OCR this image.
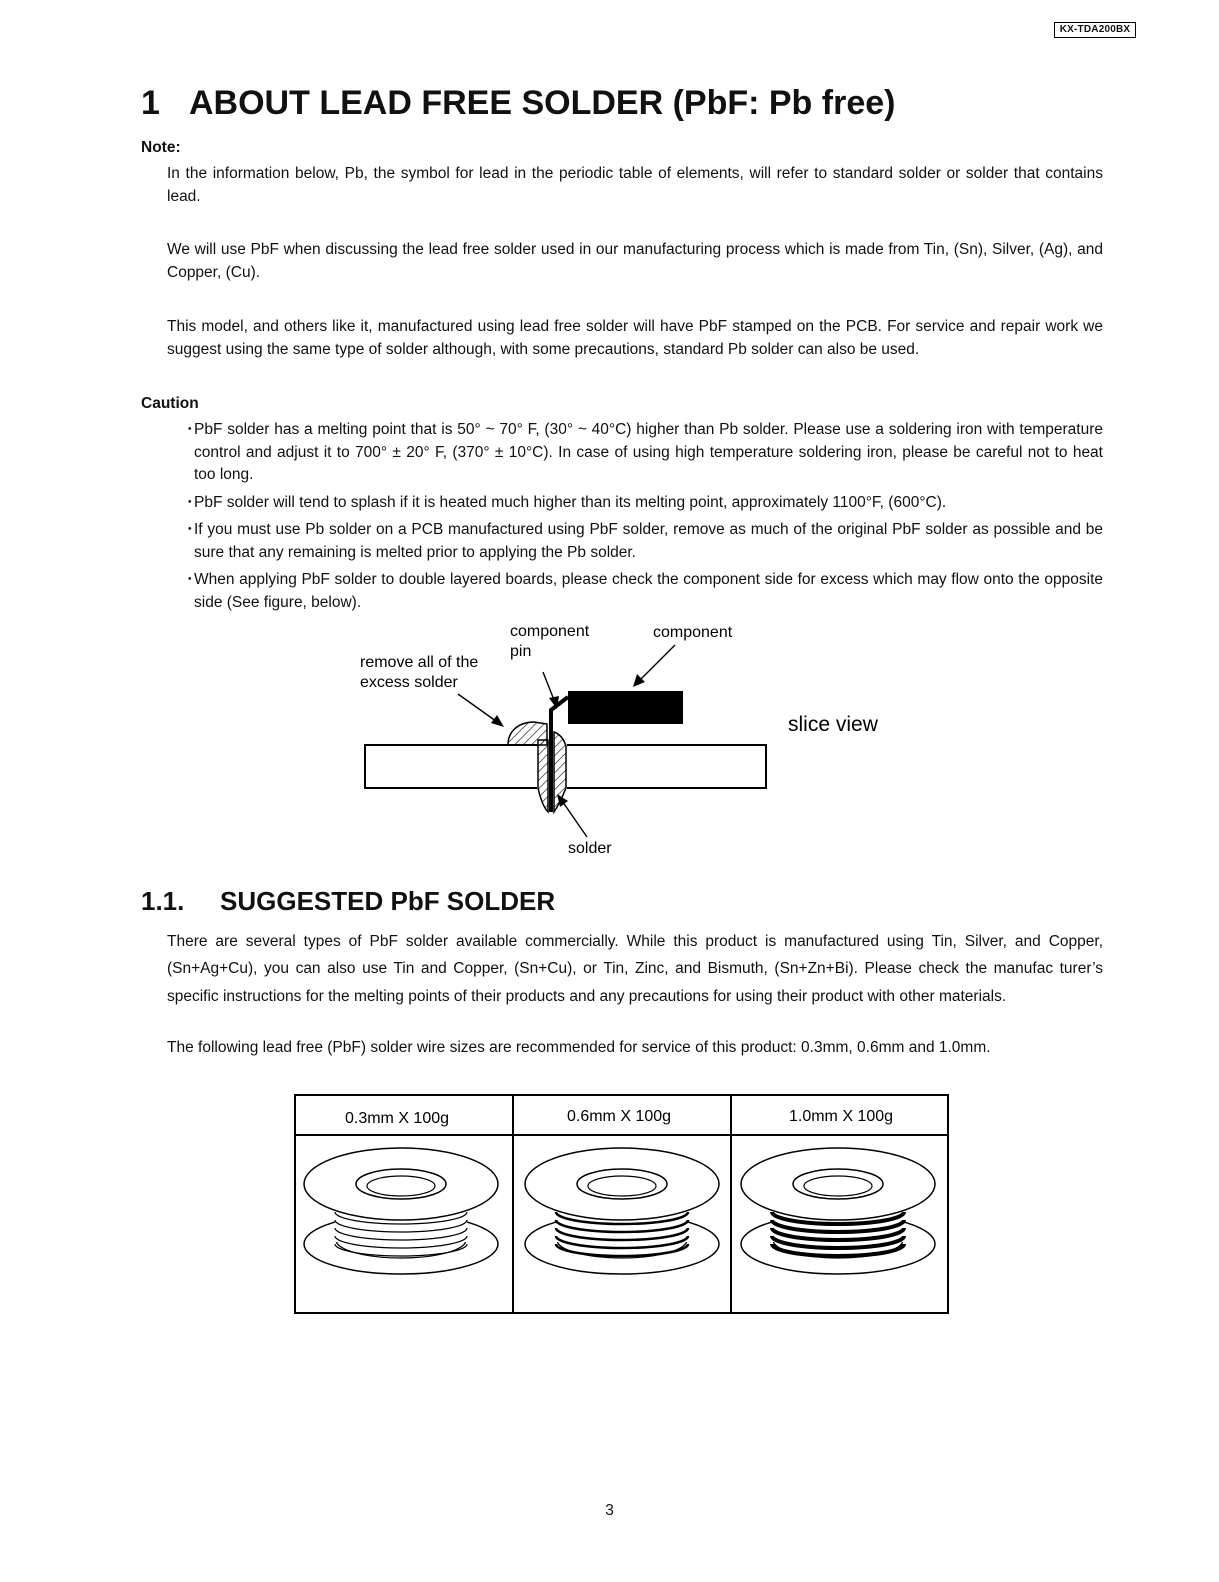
KX-TDA200BX
1 ABOUT LEAD FREE SOLDER (PbF: Pb free)

Note:

In the information below, Pb, the symbol for lead in the periodic table of elements, will refer to standard solder or solder that contains lead.

We will use PbF when discussing the lead free solder used in our manufacturing process which is made from Tin, (Sn), Silver, (Ag), and Copper, (Cu).

This model, and others like it, manufactured using lead free solder will have PbF stamped on the PCB. For service and repair work we suggest using the same type of solder although, with some precautions, standard Pb solder can also be used.

Caution

・
PbF solder has a melting point that is 50° ~ 70° F, (30° ~ 40°C) higher than Pb solder. Please use a soldering iron with temperature control and adjust it to 700° ± 20° F, (370° ± 10°C). In case of using high temperature soldering iron, please be careful not to heat too long.
・
PbF solder will tend to splash if it is heated much higher than its melting point, approximately 1100°F, (600°C).
・
If you must use Pb solder on a PCB manufactured using PbF solder, remove as much of the original PbF solder as possible and be sure that any remaining is melted prior to applying the Pb solder.
・
When applying PbF solder to double layered boards, please check the component side for excess which may flow onto the opposite side (See figure, below).
component
pin
component
remove all of the
excess solder
slice view
solder
1.1. SUGGESTED PbF SOLDER

There are several types of PbF solder available commercially. While this product is manufactured using Tin, Silver, and Copper, (Sn+Ag+Cu), you can also use Tin and Copper, (Sn+Cu), or Tin, Zinc, and Bismuth, (Sn+Zn+Bi). Please check the manufac turer’s specific instructions for the melting points of their products and any precautions for using their product with other materials.

The following lead free (PbF) solder wire sizes are recommended for service of this product: 0.3mm, 0.6mm and 1.0mm.

0.3mm X 100g	0.6mm X 100g	1.0mm X 100g
3
